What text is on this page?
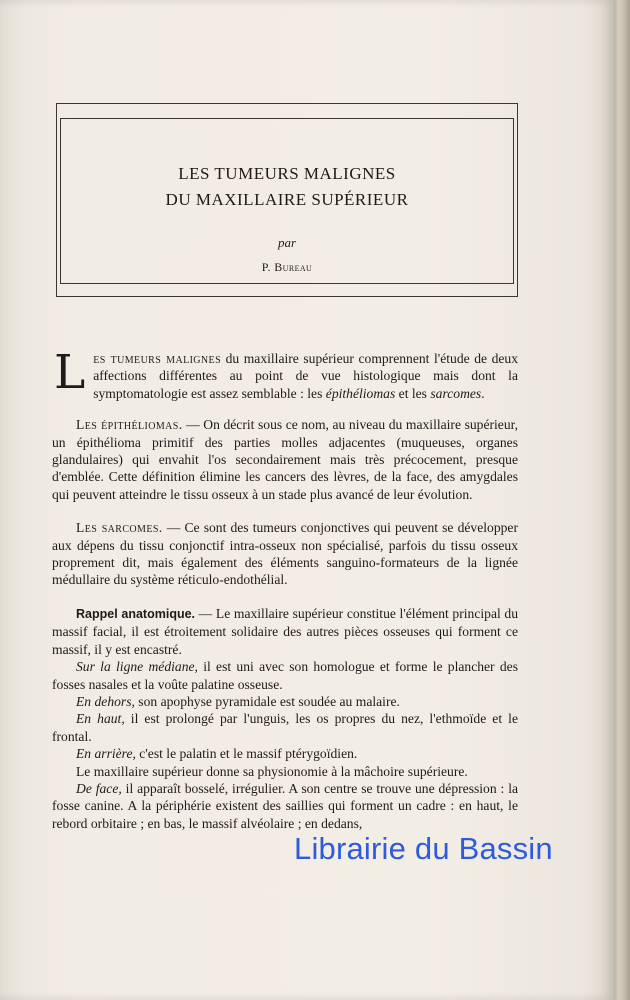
LES TUMEURS MALIGNES
DU MAXILLAIRE SUPÉRIEUR
par
P. Bureau

Les tumeurs malignes du maxillaire supérieur comprennent l'étude de deux affections différentes au point de vue histologique mais dont la symptomatologie est assez semblable : les épithéliomas et les sarcomes.

Les épithéliomas. — On décrit sous ce nom, au niveau du maxillaire supérieur, un épithélioma primitif des parties molles adjacentes (muqueuses, organes glandulaires) qui envahit l'os secondairement mais très précocement, presque d'emblée. Cette définition élimine les cancers des lèvres, de la face, des amygdales qui peuvent atteindre le tissu osseux à un stade plus avancé de leur évolution.

Les sarcomes. — Ce sont des tumeurs conjonctives qui peuvent se développer aux dépens du tissu conjonctif intra-osseux non spécialisé, parfois du tissu osseux proprement dit, mais également des éléments sanguino-formateurs de la lignée médullaire du système réticulo-endothélial.

Rappel anatomique. — Le maxillaire supérieur constitue l'élément principal du massif facial, il est étroitement solidaire des autres pièces osseuses qui forment ce massif, il y est encastré.

Sur la ligne médiane, il est uni avec son homologue et forme le plancher des fosses nasales et la voûte palatine osseuse.

En dehors, son apophyse pyramidale est soudée au malaire.

En haut, il est prolongé par l'unguis, les os propres du nez, l'ethmoïde et le frontal.

En arrière, c'est le palatin et le massif ptérygoïdien.

Le maxillaire supérieur donne sa physionomie à la mâchoire supérieure.

De face, il apparaît bosselé, irrégulier. A son centre se trouve une dépression : la fosse canine. A la périphérie existent des saillies qui forment un cadre : en haut, le rebord orbitaire ; en bas, le massif alvéolaire ; en dedans,

Librairie du Bassin
